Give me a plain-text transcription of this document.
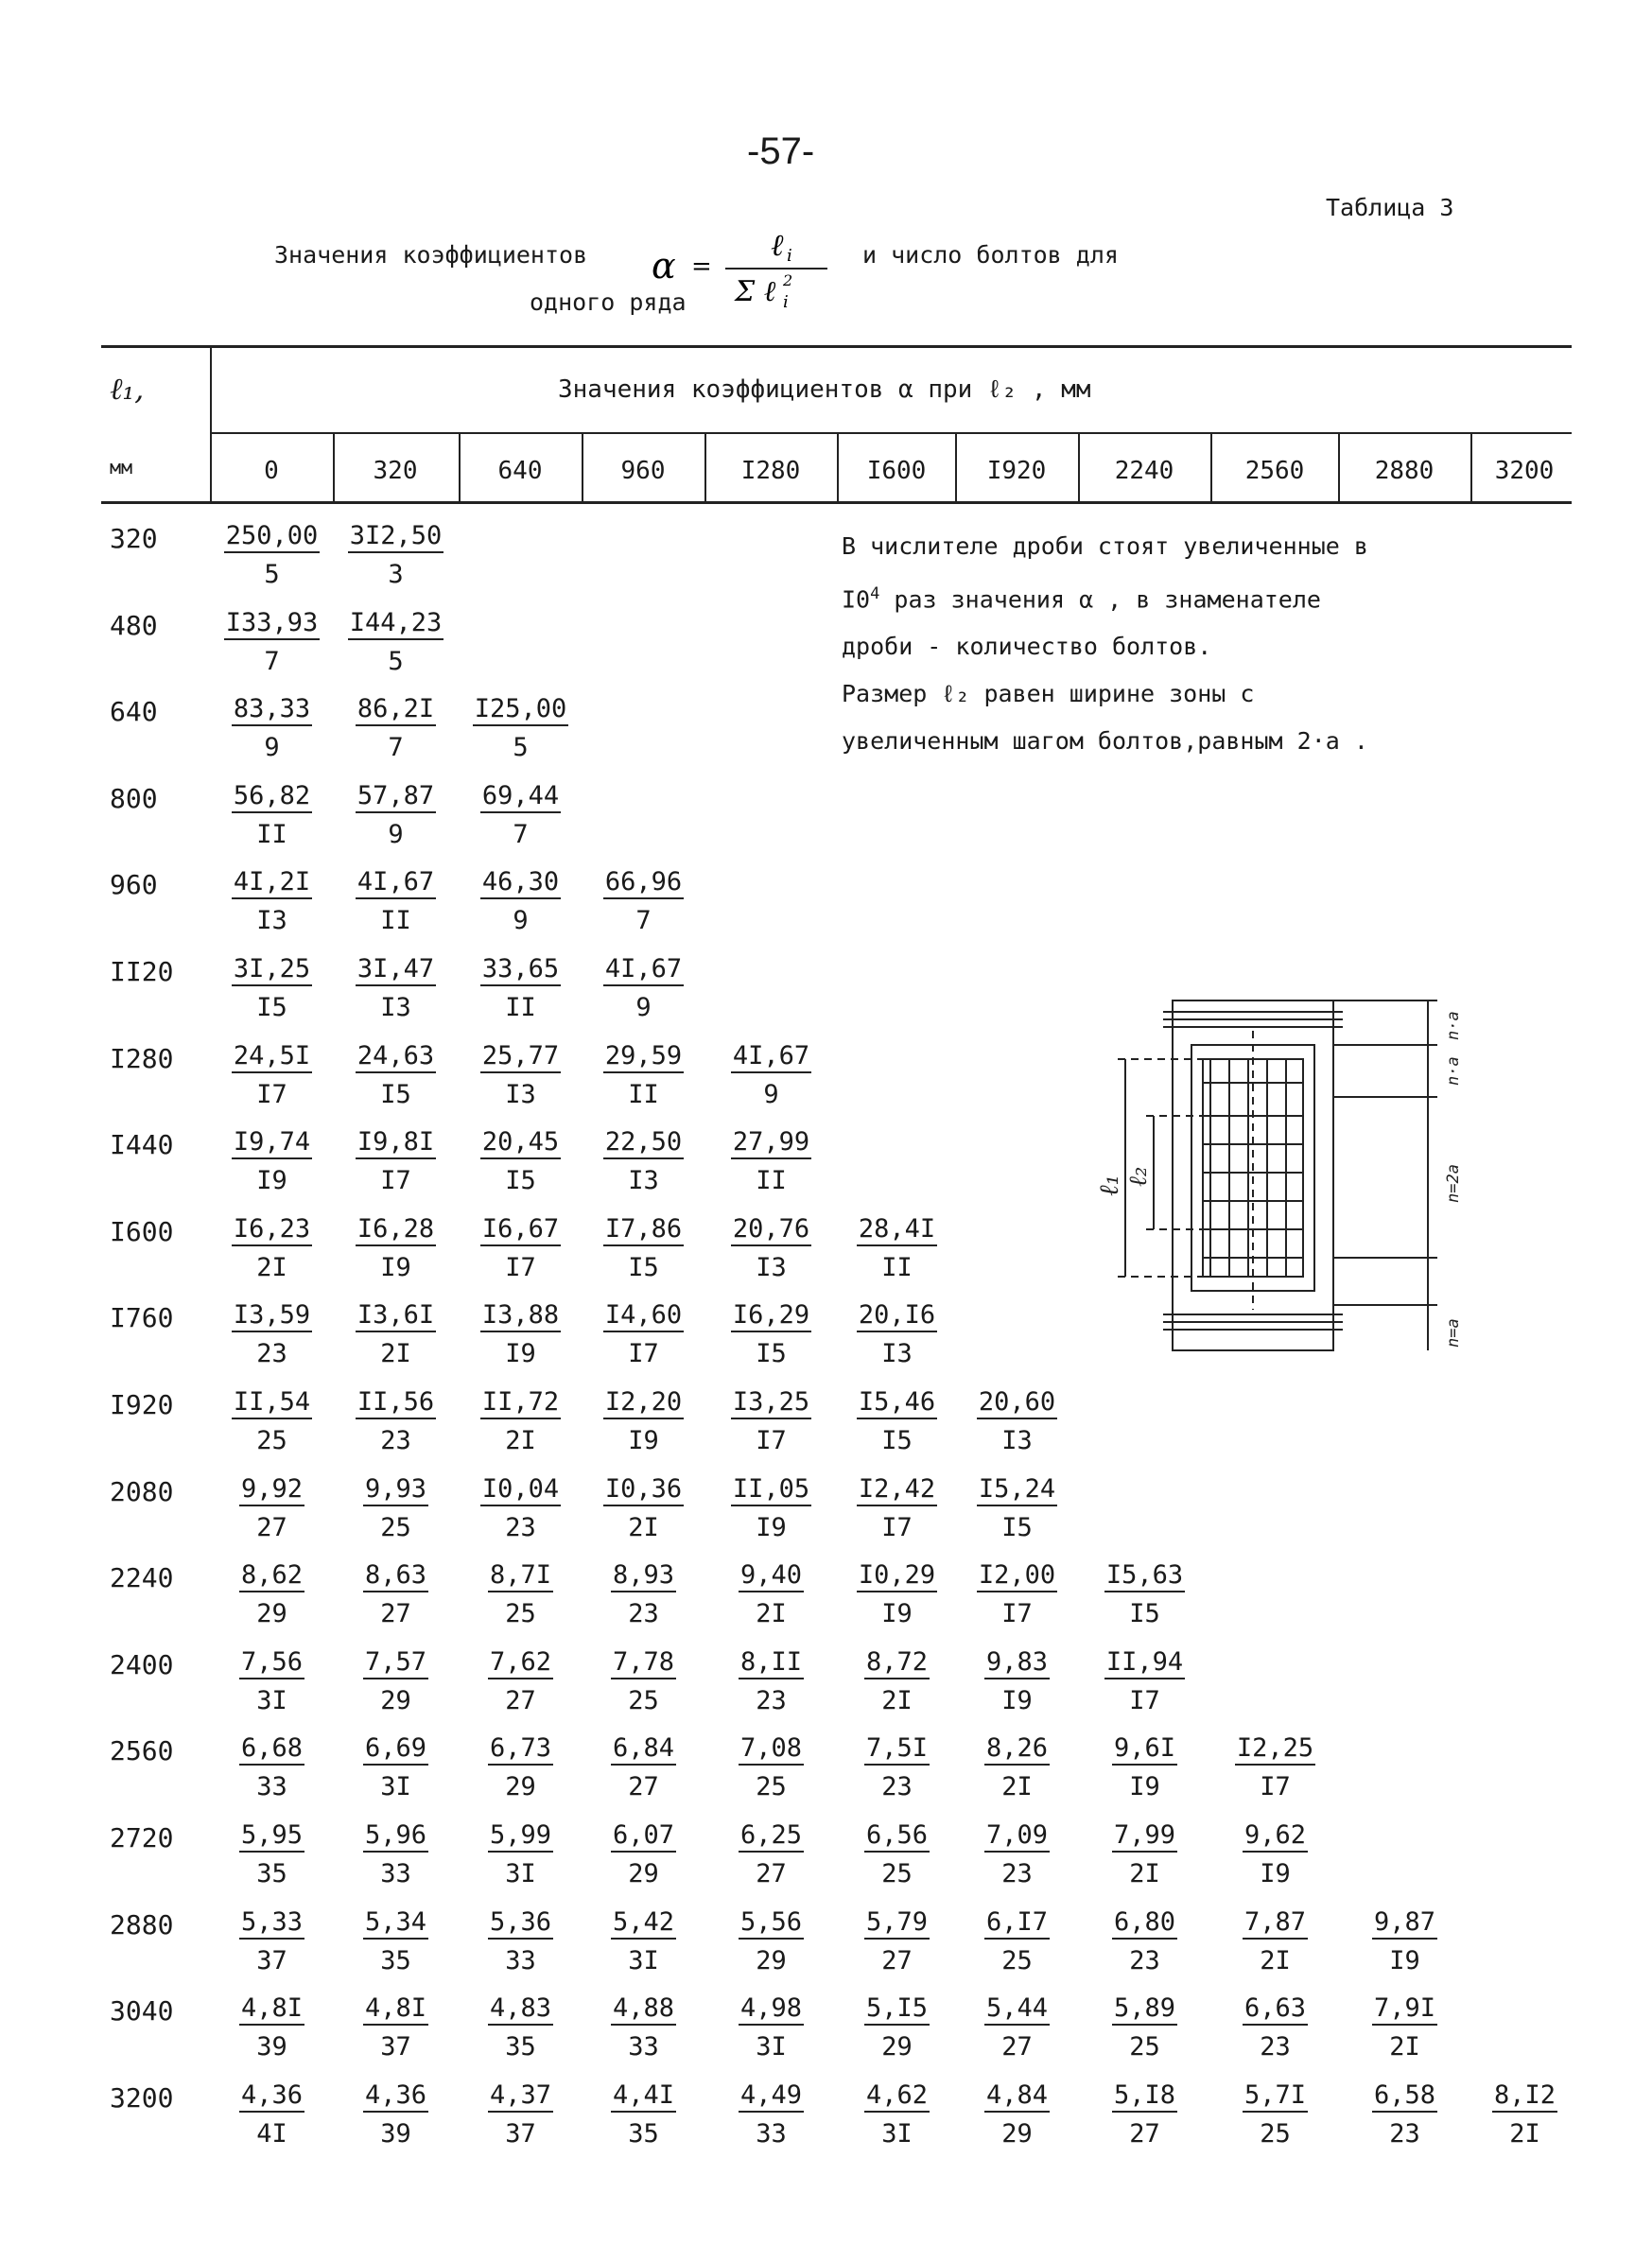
-57-
Таблица 3
Значения коэффициентов α =
ℓ i
Σ ℓ i
2
и число болтов для
одного ряда
ℓ₁,
мм
Значения коэффициентов α при ℓ₂ , мм
0	320	640	960	I280	I600	I920	2240	2560	2880	3200
$320 \frac{250,00}{5} \frac{3I2,50}{3}$
$480 \frac{I33,93}{7} \frac{I44,23}{5}$
$640 \frac{83,33}{9} \frac{86,2I}{7} \frac{I25,00}{5}$
$800 \frac{56,82}{II} \frac{57,87}{9} \frac{69,44}{7}$
$960 \frac{4I,2I}{I3} \frac{4I,67}{II} \frac{46,30}{9} \frac{66,96}{7}$
$II20 \frac{3I,25}{I5} \frac{3I,47}{I3} \frac{33,65}{II} \frac{4I,67}{9}$
$I280 \frac{24,5I}{I7} \frac{24,63}{I5} \frac{25,77}{I3} \frac{29,59}{II} \frac{4I,67}{9}$
$I440 \frac{I9,74}{I9} \frac{I9,8I}{I7} \frac{20,45}{I5} \frac{22,50}{I3} \frac{27,99}{II}$
$I600 \frac{I6,23}{2I} \frac{I6,28}{I9} \frac{I6,67}{I7} \frac{I7,86}{I5} \frac{20,76}{I3} \frac{28,4I}{II}$
$I760 \frac{I3,59}{23} \frac{I3,6I}{2I} \frac{I3,88}{I9} \frac{I4,60}{I7} \frac{I6,29}{I5} \frac{20,I6}{I3}$
$I920 \frac{II,54}{25} \frac{II,56}{23} \frac{II,72}{2I} \frac{I2,20}{I9} \frac{I3,25}{I7} \frac{I5,46}{I5} \frac{20,60}{I3}$
$2080 \frac{9,92}{27} \frac{9,93}{25} \frac{I0,04}{23} \frac{I0,36}{2I} \frac{II,05}{I9} \frac{I2,42}{I7} \frac{I5,24}{I5}$
$2240 \frac{8,62}{29} \frac{8,63}{27} \frac{8,7I}{25} \frac{8,93}{23} \frac{9,40}{2I} \frac{I0,29}{I9} \frac{I2,00}{I7} \frac{I5,63}{I5}$
$2400 \frac{7,56}{3I} \frac{7,57}{29} \frac{7,62}{27} \frac{7,78}{25} \frac{8,II}{23} \frac{8,72}{2I} \frac{9,83}{I9} \frac{II,94}{I7}$
$2560 \frac{6,68}{33} \frac{6,69}{3I} \frac{6,73}{29} \frac{6,84}{27} \frac{7,08}{25} \frac{7,5I}{23} \frac{8,26}{2I} \frac{9,6I}{I9} \frac{I2,25}{I7}$
$2720 \frac{5,95}{35} \frac{5,96}{33} \frac{5,99}{3I} \frac{6,07}{29} \frac{6,25}{27} \frac{6,56}{25} \frac{7,09}{23} \frac{7,99}{2I} \frac{9,62}{I9}$
$2880 \frac{5,33}{37} \frac{5,34}{35} \frac{5,36}{33} \frac{5,42}{3I} \frac{5,56}{29} \frac{5,79}{27} \frac{6,I7}{25} \frac{6,80}{23} \frac{7,87}{2I} \frac{9,87}{I9}$
$3040 \frac{4,8I}{39} \frac{4,8I}{37} \frac{4,83}{35} \frac{4,88}{33} \frac{4,98}{3I} \frac{5,I5}{29} \frac{5,44}{27} \frac{5,89}{25} \frac{6,63}{23} \frac{7,9I}{2I}$
$3200 \frac{4,36}{4I} \frac{4,36}{39} \frac{4,37}{37} \frac{4,4I}{35} \frac{4,49}{33} \frac{4,62}{3I} \frac{4,84}{29} \frac{5,I8}{27} \frac{5,7I}{25} \frac{6,58}{23} \frac{8,I2}{2I}$

В числителе дроби стоят увеличенные в

$I0^4$ раз значения α , в знаменателе

дроби - количество болтов.

Размер ℓ₂ равен ширине зоны с

увеличенным шагом болтов,равным 2·a .

ℓ₁ ℓ₂
n·a
n·a
n=2a
n=a
